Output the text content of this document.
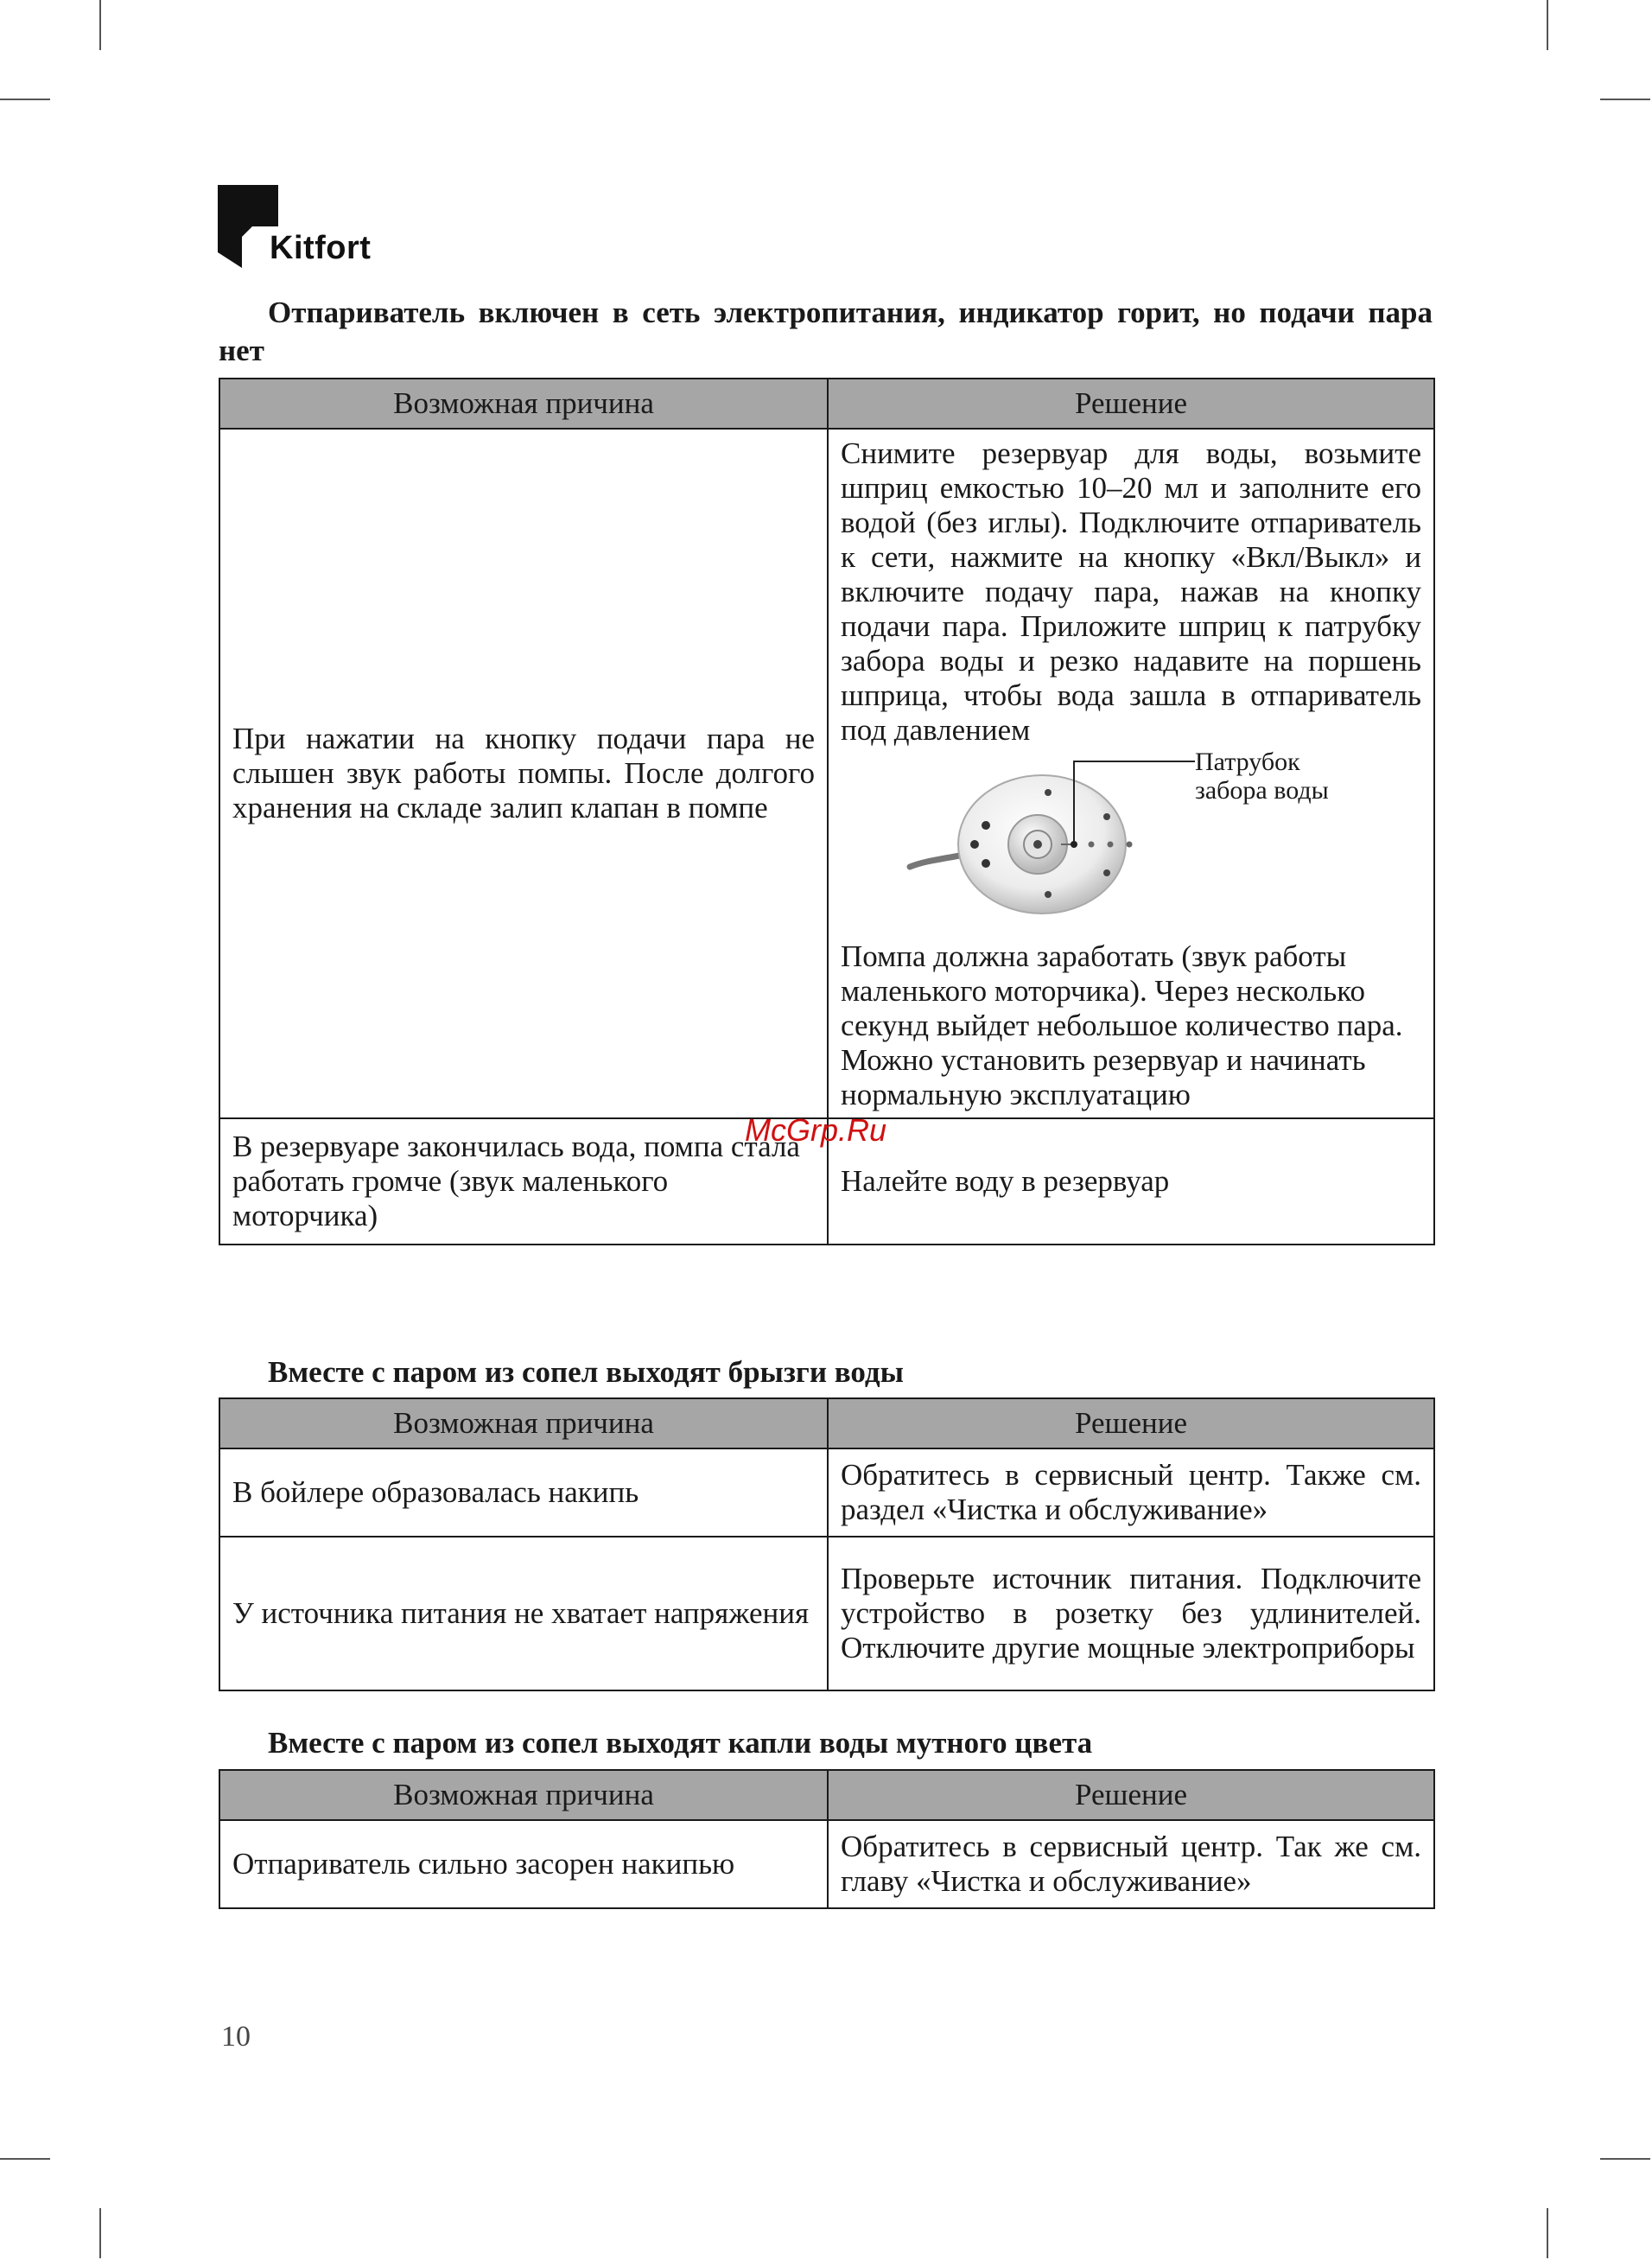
Kitfort
Отпариватель включен в сеть электропитания, индикатор горит, но подачи пара нет
Возможная причина	Решение
При нажатии на кнопку подачи пара не слышен звук работы помпы. После долгого хранения на складе залип клапан в помпе	Снимите резервуар для воды, возьмите шприц емкостью 10–20 мл и заполните его водой (без иглы). Подключите отпариватель к сети, нажмите на кнопку «Вкл/Выкл» и включите подачу пара, нажав на кнопку подачи пара. Приложите шприц к патрубку забора воды и резко надавите на поршень шприца, чтобы вода зашла в отпариватель под давлением

Патрубок
забора воды

Помпа должна заработать (звук работы маленького моторчика). Через несколько секунд выйдет небольшое количество пара. Можно установить резервуар и начинать нормальную эксплуатацию

В резервуаре закончилась вода, помпа стала работать громче (звук маленького моторчика)	Налейте воду в резервуар
Вместе с паром из сопел выходят брызги воды
Возможная причина	Решение
В бойлере образовалась накипь	Обратитесь в сервисный центр. Также см. раздел «Чистка и обслуживание»
У источника питания не хватает напряжения	Проверьте источник питания. Подключите устройство в розетку без удлинителей. Отключите другие мощные электроприборы
Вместе с паром из сопел выходят капли воды мутного цвета
Возможная причина	Решение
Отпариватель сильно засорен накипью	Обратитесь в сервисный центр. Так же см. главу «Чистка и обслуживание»
McGrp.Ru
10
